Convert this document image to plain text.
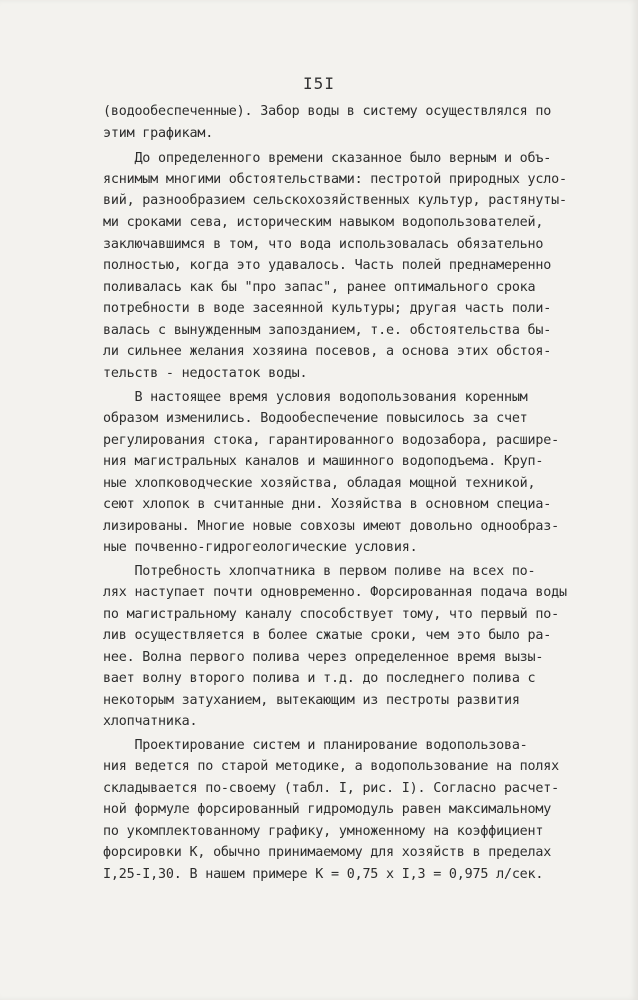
I5I
(водообеспеченные). Забор воды в систему осуществлялся по
этим графикам.
До определенного времени сказанное было верным и объ-
яснимым многими обстоятельствами: пестротой природных усло-
вий, разнообразием сельскохозяйственных культур, растянуты-
ми сроками сева, историческим навыком водопользователей,
заключавшимся в том, что вода использовалась обязательно
полностью, когда это удавалось. Часть полей преднамеренно
поливалась как бы "про запас", ранее оптимального срока
потребности в воде засеянной культуры; другая часть поли-
валась с вынужденным запозданием, т.е. обстоятельства бы-
ли сильнее желания хозяина посевов, а основа этих обстоя-
тельств - недостаток воды.
В настоящее время условия водопользования коренным
образом изменились. Водообеспечение повысилось за счет
регулирования стока, гарантированного водозабора, расшире-
ния магистральных каналов и машинного водоподъема. Круп-
ные хлопководческие хозяйства, обладая мощной техникой,
сеют хлопок в считанные дни. Хозяйства в основном специа-
лизированы. Многие новые совхозы имеют довольно однообраз-
ные почвенно-гидрогеологические условия.
Потребность хлопчатника в первом поливе на всех по-
лях наступает почти одновременно. Форсированная подача воды
по магистральному каналу способствует тому, что первый по-
лив осуществляется в более сжатые сроки, чем это было ра-
нее. Волна первого полива через определенное время вызы-
вает волну второго полива и т.д. до последнего полива с
некоторым затуханием, вытекающим из пестроты развития
хлопчатника.
Проектирование систем и планирование водопользова-
ния ведется по старой методике, а водопользование на полях
складывается по-своему (табл. I, рис. I). Согласно расчет-
ной формуле форсированный гидромодуль равен максимальному
по укомплектованному графику, умноженному на коэффициент
форсировки К, обычно принимаемому для хозяйств в пределах
I,25-I,30. В нашем примере К = 0,75 x I,3 = 0,975 л/сек.
